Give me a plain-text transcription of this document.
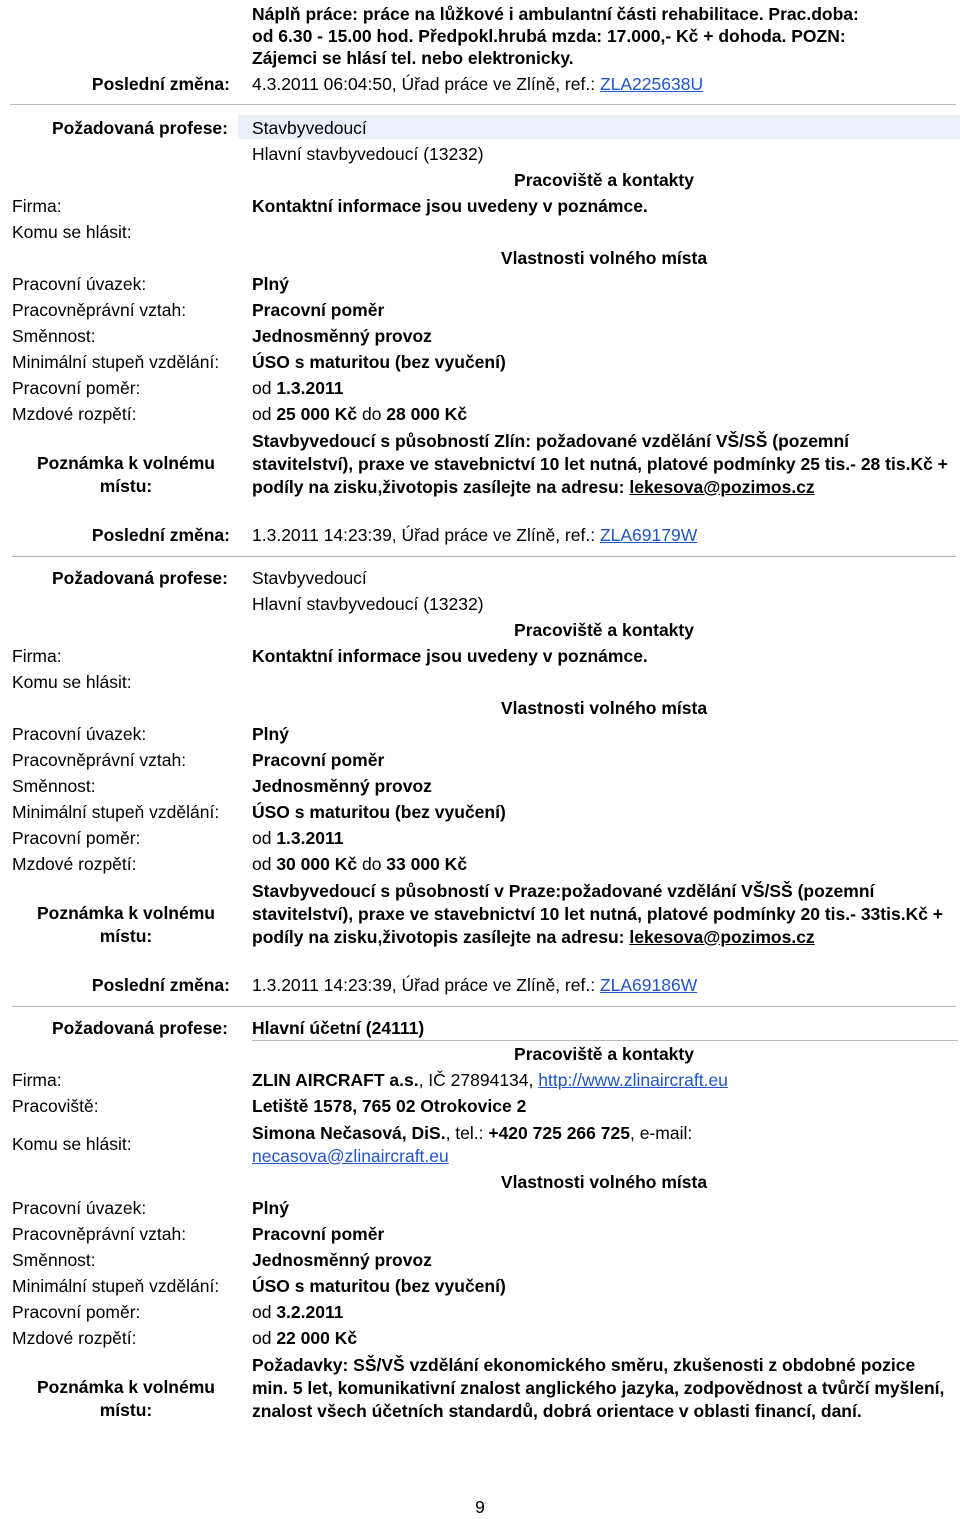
Náplň práce: práce na lůžkové i ambulantní části rehabilitace. Prac.doba:
od 6.30 - 15.00 hod. Předpokl.hrubá mzda: 17.000,- Kč + dohoda. POZN:
Zájemci se hlásí tel. nebo elektronicky.
Poslední změna: 4.3.2011 06:04:50, Úřad práce ve Zlíně, ref.: ZLA225638U
Požadovaná profese: Stavbyvedoucí
Hlavní stavbyvedoucí (13232)
Pracoviště a kontakty
Firma:	Kontaktní informace jsou uvedeny v poznámce.
Komu se hlásit:
Vlastnosti volného místa
Pracovní úvazek:	Plný
Pracovněprávní vztah:	Pracovní poměr
Směnnost:	Jednosměnný provoz
Minimální stupeň vzdělání: ÚSO s maturitou (bez vyučení)
Pracovní poměr:	od 1.3.2011
Mzdové rozpětí:	od 25 000 Kč do 28 000 Kč
Poznámka k volnému
místu:
Stavbyvedoucí s působností Zlín: požadované vzdělání VŠ/SŠ (pozemní stavitelství), praxe ve stavebnictví 10 let nutná, platové podmínky 25 tis.- 28 tis.Kč + podíly na zisku,životopis zasílejte na adresu: lekesova@pozimos.cz
Poslední změna: 1.3.2011 14:23:39, Úřad práce ve Zlíně, ref.: ZLA69179W
Požadovaná profese: Stavbyvedoucí
Hlavní stavbyvedoucí (13232)
Pracoviště a kontakty
Firma:	Kontaktní informace jsou uvedeny v poznámce.
Komu se hlásit:
Vlastnosti volného místa
Pracovní úvazek:	Plný
Pracovněprávní vztah:	Pracovní poměr
Směnnost:	Jednosměnný provoz
Minimální stupeň vzdělání: ÚSO s maturitou (bez vyučení)
Pracovní poměr:	od 1.3.2011
Mzdové rozpětí:	od 30 000 Kč do 33 000 Kč
Poznámka k volnému
místu:
Stavbyvedoucí s působností v Praze:požadované vzdělání VŠ/SŠ (pozemní stavitelství), praxe ve stavebnictví 10 let nutná, platové podmínky 20 tis.- 33tis.Kč + podíly na zisku,životopis zasílejte na adresu: lekesova@pozimos.cz
Poslední změna: 1.3.2011 14:23:39, Úřad práce ve Zlíně, ref.: ZLA69186W
Požadovaná profese: Hlavní účetní (24111)
Pracoviště a kontakty
Firma:	ZLIN AIRCRAFT a.s., IČ 27894134, http://www.zlinaircraft.eu
Pracoviště:	Letiště 1578, 765 02 Otrokovice 2
Komu se hlásit:
Simona Nečasová, DiS., tel.: +420 725 266 725, e-mail:
necasova@zlinaircraft.eu
Vlastnosti volného místa
Pracovní úvazek:	Plný
Pracovněprávní vztah:	Pracovní poměr
Směnnost:	Jednosměnný provoz
Minimální stupeň vzdělání: ÚSO s maturitou (bez vyučení)
Pracovní poměr:	od 3.2.2011
Mzdové rozpětí:	od 22 000 Kč
Poznámka k volnému
místu:
Požadavky: SŠ/VŠ vzdělání ekonomického směru, zkušenosti z obdobné pozice min. 5 let, komunikativní znalost anglického jazyka, zodpovědnost a tvůrčí myšlení, znalost všech účetních standardů, dobrá orientace v oblasti financí, daní.
9
